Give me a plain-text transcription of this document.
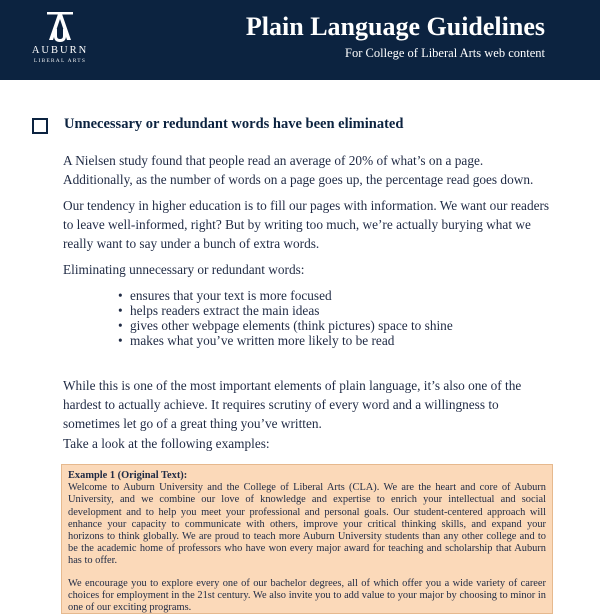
AUBURN
LIBERAL ARTS
Plain Language Guidelines
For College of Liberal Arts web content
Unnecessary or redundant words have been eliminated

A Nielsen study found that people read an average of 20% of what’s on a page. Additionally, as the number of words on a page goes up, the percentage read goes down.

Our tendency in higher education is to fill our pages with information. We want our readers to leave well-informed, right? But by writing too much, we’re actually burying what we really want to say under a bunch of extra words.

Eliminating unnecessary or redundant words:

• ensures that your text is more focused
• helps readers extract the main ideas
• gives other webpage elements (think pictures) space to shine
• makes what you’ve written more likely to be read

While this is one of the most important elements of plain language, it’s also one of the hardest to actually achieve. It requires scrutiny of every word and a willingness to sometimes let go of a great thing you’ve written.

Take a look at the following examples:

Example 1 (Original Text):

Welcome to Auburn University and the College of Liberal Arts (CLA). We are the heart and core of Auburn University, and we combine our love of knowledge and expertise to enrich your intellectual and social development and to help you meet your professional and personal goals. Our student-centered approach will enhance your capacity to communicate with others, improve your critical thinking skills, and expand your horizons to think globally. We are proud to teach more Auburn University students than any other college and to be the academic home of professors who have won every major award for teaching and scholarship that Auburn has to offer.

We encourage you to explore every one of our bachelor degrees, all of which offer you a wide variety of career choices for employment in the 21st century. We also invite you to add value to your major by choosing to minor in one of our exciting programs.
